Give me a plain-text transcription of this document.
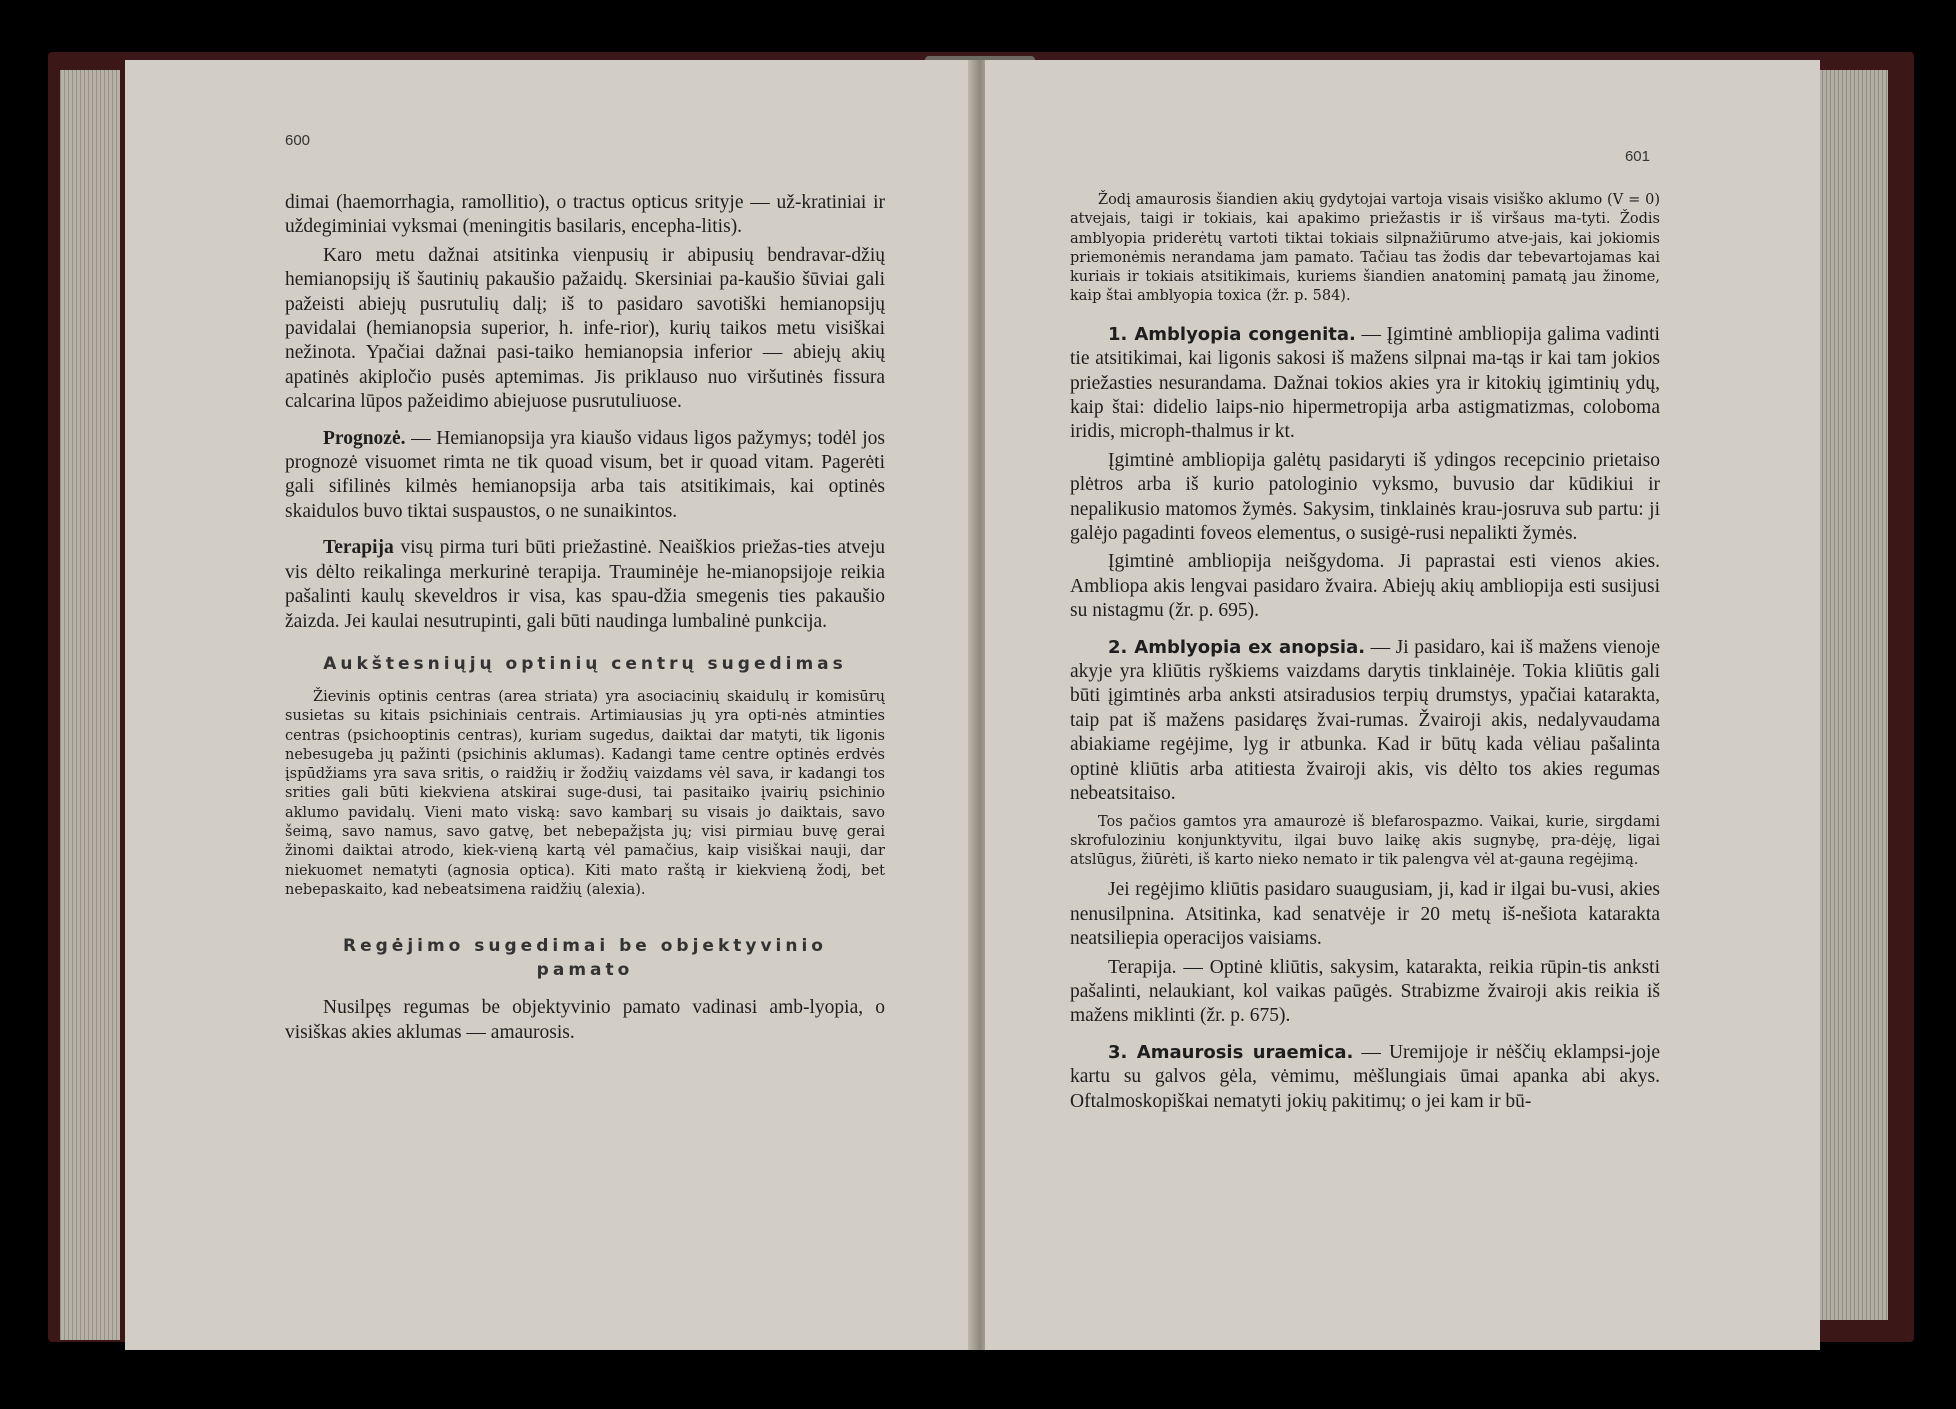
600

dimai (haemorrhagia, ramollitio), o tractus opticus srityje — už-kratiniai ir uždegiminiai vyksmai (meningitis basilaris, encepha-litis).

Karo metu dažnai atsitinka vienpusių ir abipusių bendravar-džių hemianopsijų iš šautinių pakaušio pažaidų. Skersiniai pa-kaušio šūviai gali pažeisti abiejų pusrutulių dalį; iš to pasidaro savotiški hemianopsijų pavidalai (hemianopsia superior, h. infe-rior), kurių taikos metu visiškai nežinota. Ypačiai dažnai pasi-taiko hemianopsia inferior — abiejų akių apatinės akipločio pusės aptemimas. Jis priklauso nuo viršutinės fissura calcarina lūpos pažeidimo abiejuose pusrutuliuose.

Prognozė. — Hemianopsija yra kiaušo vidaus ligos pažymys; todėl jos prognozė visuomet rimta ne tik quoad visum, bet ir quoad vitam. Pagerėti gali sifilinės kilmės hemianopsija arba tais atsitikimais, kai optinės skaidulos buvo tiktai suspaustos, o ne sunaikintos.

Terapija visų pirma turi būti priežastinė. Neaiškios priežas-ties atveju vis dėlto reikalinga merkurinė terapija. Trauminėje he-mianopsijoje reikia pašalinti kaulų skeveldros ir visa, kas spau-džia smegenis ties pakaušio žaizda. Jei kaulai nesutrupinti, gali būti naudinga lumbalinė punkcija.

Aukštesniųjų optinių centrų sugedimas

Žievinis optinis centras (area striata) yra asociacinių skaidulų ir komisūrų susietas su kitais psichiniais centrais. Artimiausias jų yra opti-nės atminties centras (psichooptinis centras), kuriam sugedus, daiktai dar matyti, tik ligonis nebesugeba jų pažinti (psichinis aklumas). Kadangi tame centre optinės erdvės įspūdžiams yra sava sritis, o raidžių ir žodžių vaizdams vėl sava, ir kadangi tos srities gali būti kiekviena atskirai suge-dusi, tai pasitaiko įvairių psichinio aklumo pavidalų. Vieni mato viską: savo kambarį su visais jo daiktais, savo šeimą, savo namus, savo gatvę, bet nebepažįsta jų; visi pirmiau buvę gerai žinomi daiktai atrodo, kiek-vieną kartą vėl pamačius, kaip visiškai nauji, dar niekuomet nematyti (agnosia optica). Kiti mato raštą ir kiekvieną žodį, bet nebepaskaito, kad nebeatsimena raidžių (alexia).

Regėjimo sugedimai be objektyvinio
pamato

Nusilpęs regumas be objektyvinio pamato vadinasi amb-lyopia, o visiškas akies aklumas — amaurosis.

601

Žodį amaurosis šiandien akių gydytojai vartoja visais visiško aklumo (V = 0) atvejais, taigi ir tokiais, kai apakimo priežastis ir iš viršaus ma-tyti. Žodis amblyopia priderėtų vartoti tiktai tokiais silpnažiūrumo atve-jais, kai jokiomis priemonėmis nerandama jam pamato. Tačiau tas žodis dar tebevartojamas kai kuriais ir tokiais atsitikimais, kuriems šiandien anatominį pamatą jau žinome, kaip štai amblyopia toxica (žr. p. 584).

1. Amblyopia congenita. — Įgimtinė ambliopija galima vadinti tie atsitikimai, kai ligonis sakosi iš mažens silpnai ma-tąs ir kai tam jokios priežasties nesurandama. Dažnai tokios akies yra ir kitokių įgimtinių ydų, kaip štai: didelio laips-nio hipermetropija arba astigmatizmas, coloboma iridis, microph-thalmus ir kt.

Įgimtinė ambliopija galėtų pasidaryti iš ydingos recepcinio prietaiso plėtros arba iš kurio patologinio vyksmo, buvusio dar kūdikiui ir nepalikusio matomos žymės. Sakysim, tinklainės krau-josruva sub partu: ji galėjo pagadinti foveos elementus, o susigė-rusi nepalikti žymės.

Įgimtinė ambliopija neišgydoma. Ji paprastai esti vienos akies. Ambliopa akis lengvai pasidaro žvaira. Abiejų akių ambliopija esti susijusi su nistagmu (žr. p. 695).

2. Amblyopia ex anopsia. — Ji pasidaro, kai iš mažens vienoje akyje yra kliūtis ryškiems vaizdams darytis tinklainėje. Tokia kliūtis gali būti įgimtinės arba anksti atsiradusios terpių drumstys, ypačiai katarakta, taip pat iš mažens pasidaręs žvai-rumas. Žvairoji akis, nedalyvaudama abiakiame regėjime, lyg ir atbunka. Kad ir būtų kada vėliau pašalinta optinė kliūtis arba atitiesta žvairoji akis, vis dėlto tos akies regumas nebeatsitaiso.

Tos pačios gamtos yra amaurozė iš blefarospazmo. Vaikai, kurie, sirgdami skrofuloziniu konjunktyvitu, ilgai buvo laikę akis sugnybę, pra-dėję, ligai atslūgus, žiūrėti, iš karto nieko nemato ir tik palengva vėl at-gauna regėjimą.

Jei regėjimo kliūtis pasidaro suaugusiam, ji, kad ir ilgai bu-vusi, akies nenusilpnina. Atsitinka, kad senatvėje ir 20 metų iš-nešiota katarakta neatsiliepia operacijos vaisiams.

Terapija. — Optinė kliūtis, sakysim, katarakta, reikia rūpin-tis anksti pašalinti, nelaukiant, kol vaikas paūgės. Strabizme žvairoji akis reikia iš mažens miklinti (žr. p. 675).

3. Amaurosis uraemica. — Uremijoje ir nėščių eklampsi-joje kartu su galvos gėla, vėmimu, mėšlungiais ūmai apanka abi akys. Oftalmoskopiškai nematyti jokių pakitimų; o jei kam ir bū-
